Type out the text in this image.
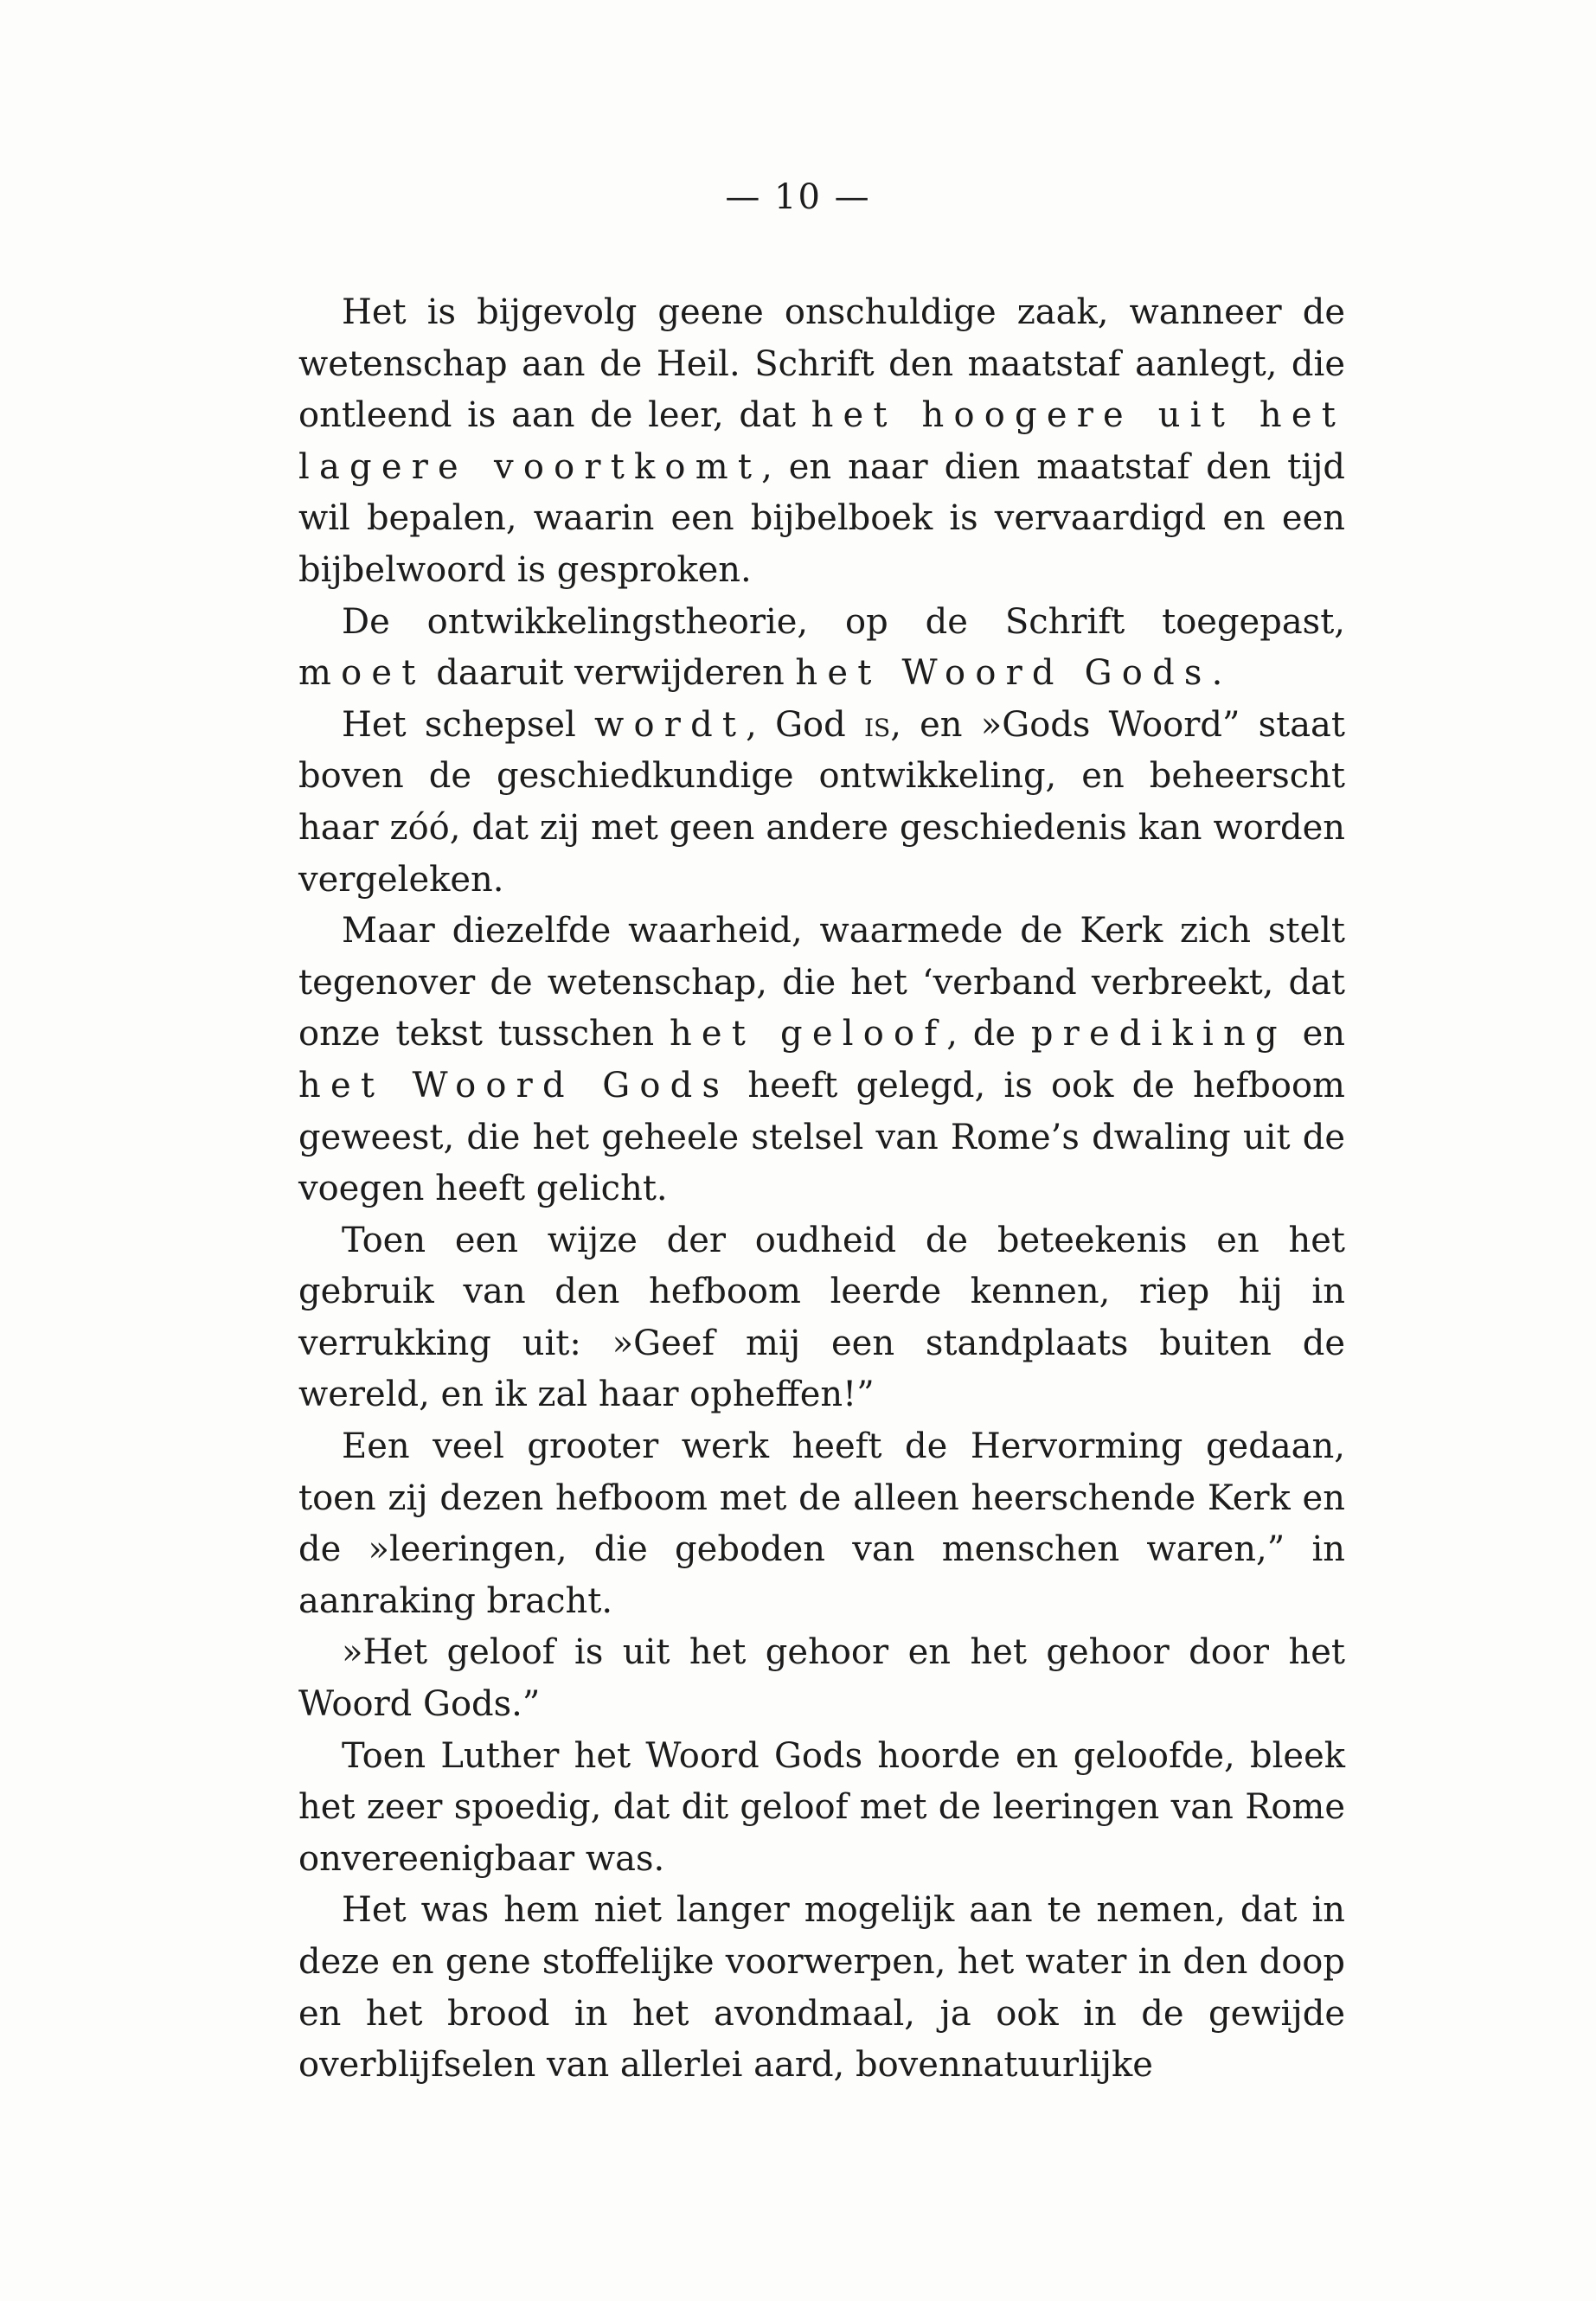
— 10 —

Het is bijgevolg geene onschuldige zaak, wanneer de wetenschap aan de Heil. Schrift den maatstaf aanlegt, die ontleend is aan de leer, dat het hoogere uit het lagere voortkomt, en naar dien maatstaf den tijd wil bepalen, waarin een bijbelboek is vervaardigd en een bijbelwoord is gesproken.

De ontwikkelingstheorie, op de Schrift toegepast, moet daaruit verwijderen het Woord Gods.

Het schepsel wordt, God is, en »Gods Woord” staat boven de geschiedkundige ontwikkeling, en beheerscht haar zóó, dat zij met geen andere geschiedenis kan worden vergeleken.

Maar diezelfde waarheid, waarmede de Kerk zich stelt tegenover de wetenschap, die het ‘verband verbreekt, dat onze tekst tusschen het geloof, de prediking en het Woord Gods heeft gelegd, is ook de hefboom geweest, die het geheele stelsel van Rome’s dwaling uit de voegen heeft gelicht.

Toen een wijze der oudheid de beteekenis en het gebruik van den hefboom leerde kennen, riep hij in verrukking uit: »Geef mij een standplaats buiten de wereld, en ik zal haar opheffen!”

Een veel grooter werk heeft de Hervorming gedaan, toen zij dezen hefboom met de alleen heerschende Kerk en de »leeringen, die geboden van menschen waren,” in aanraking bracht.

»Het geloof is uit het gehoor en het gehoor door het Woord Gods.”

Toen Luther het Woord Gods hoorde en geloofde, bleek het zeer spoedig, dat dit geloof met de leeringen van Rome onvereenigbaar was.

Het was hem niet langer mogelijk aan te nemen, dat in deze en gene stoffelijke voorwerpen, het water in den doop en het brood in het avondmaal, ja ook in de gewijde overblijfselen van allerlei aard, bovennatuurlijke
